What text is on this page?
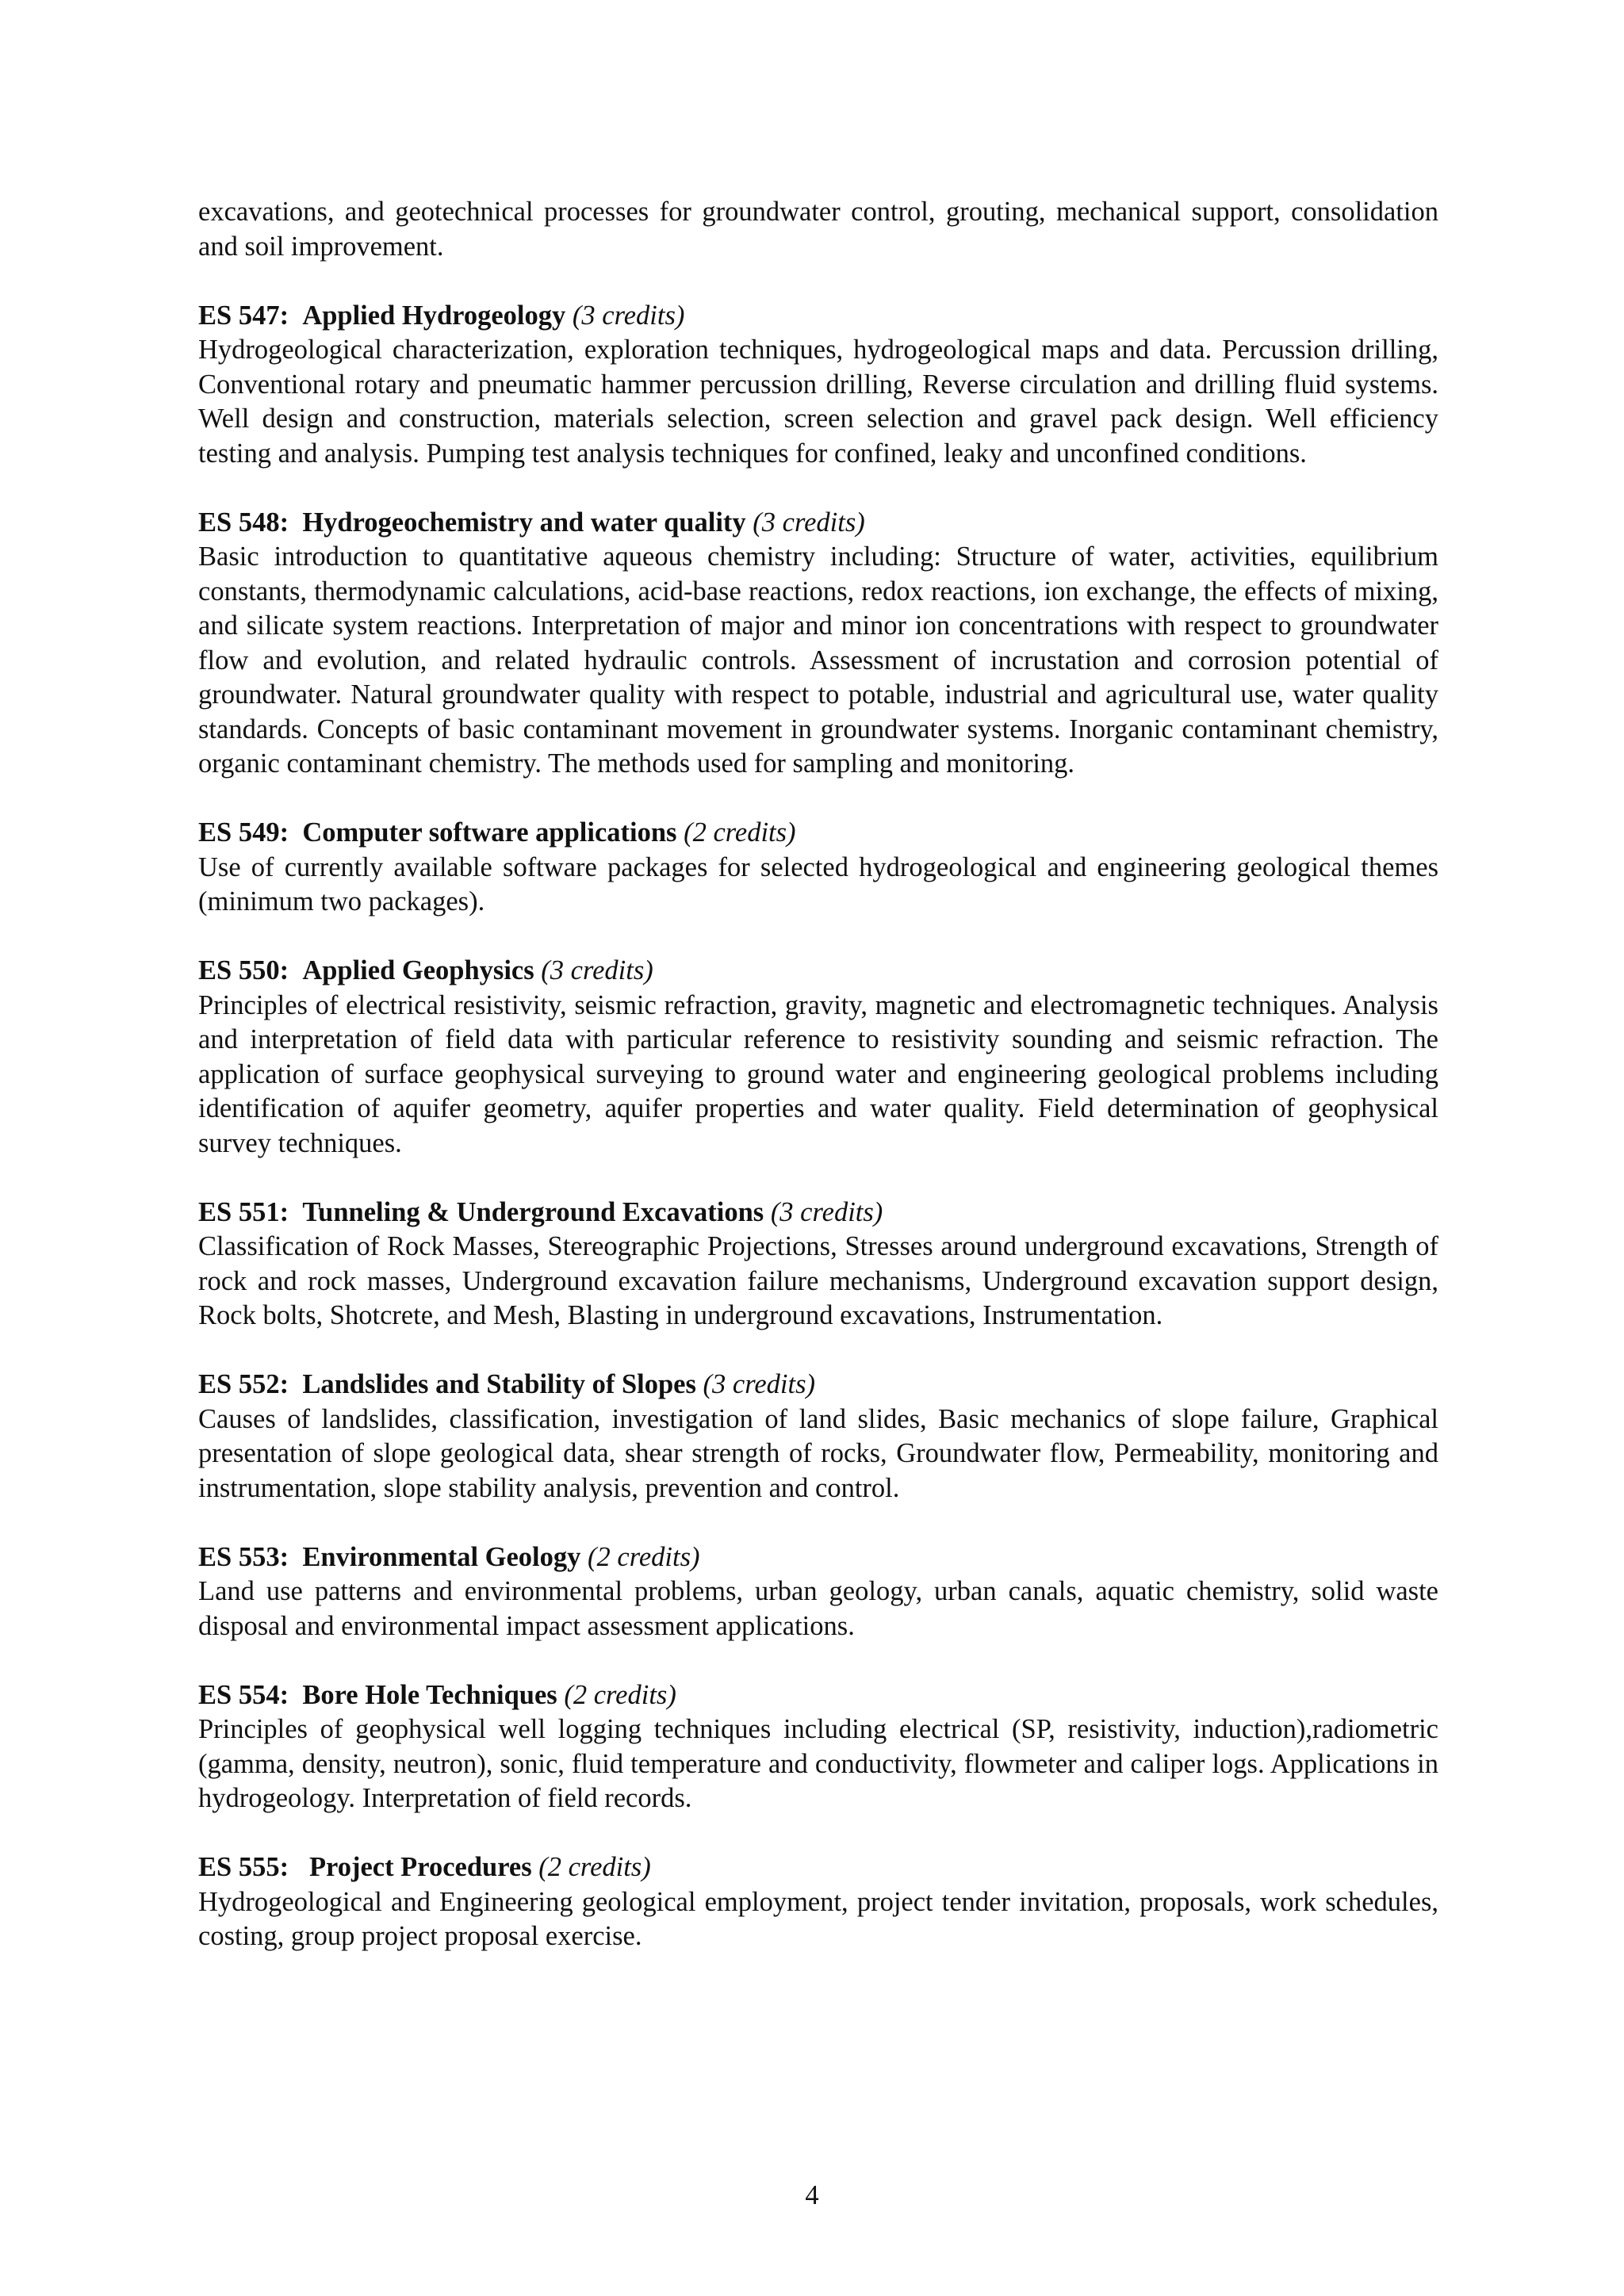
excavations, and geotechnical processes for groundwater control, grouting, mechanical support, consolidation and soil improvement.

ES 547: Applied Hydrogeology (3 credits)

Hydrogeological characterization, exploration techniques, hydrogeological maps and data. Percussion drilling, Conventional rotary and pneumatic hammer percussion drilling, Reverse circulation and drilling fluid systems. Well design and construction, materials selection, screen selection and gravel pack design. Well efficiency testing and analysis. Pumping test analysis techniques for confined, leaky and unconfined conditions.

ES 548: Hydrogeochemistry and water quality (3 credits)

Basic introduction to quantitative aqueous chemistry including: Structure of water, activities, equilibrium constants, thermodynamic calculations, acid-base reactions, redox reactions, ion exchange, the effects of mixing, and silicate system reactions. Interpretation of major and minor ion concentrations with respect to groundwater flow and evolution, and related hydraulic controls. Assessment of incrustation and corrosion potential of groundwater. Natural groundwater quality with respect to potable, industrial and agricultural use, water quality standards. Concepts of basic contaminant movement in groundwater systems. Inorganic contaminant chemistry, organic contaminant chemistry. The methods used for sampling and monitoring.

ES 549: Computer software applications (2 credits)

Use of currently available software packages for selected hydrogeological and engineering geological themes (minimum two packages).

ES 550: Applied Geophysics (3 credits)

Principles of electrical resistivity, seismic refraction, gravity, magnetic and electromagnetic techniques. Analysis and interpretation of field data with particular reference to resistivity sounding and seismic refraction. The application of surface geophysical surveying to ground water and engineering geological problems including identification of aquifer geometry, aquifer properties and water quality. Field determination of geophysical survey techniques.

ES 551: Tunneling & Underground Excavations (3 credits)

Classification of Rock Masses, Stereographic Projections, Stresses around underground excavations, Strength of rock and rock masses, Underground excavation failure mechanisms, Underground excavation support design, Rock bolts, Shotcrete, and Mesh, Blasting in underground excavations, Instrumentation.

ES 552: Landslides and Stability of Slopes (3 credits)

Causes of landslides, classification, investigation of land slides, Basic mechanics of slope failure, Graphical presentation of slope geological data, shear strength of rocks, Groundwater flow, Permeability, monitoring and instrumentation, slope stability analysis, prevention and control.

ES 553: Environmental Geology (2 credits)

Land use patterns and environmental problems, urban geology, urban canals, aquatic chemistry, solid waste disposal and environmental impact assessment applications.

ES 554: Bore Hole Techniques (2 credits)

Principles of geophysical well logging techniques including electrical (SP, resistivity, induction),radiometric (gamma, density, neutron), sonic, fluid temperature and conductivity, flowmeter and caliper logs. Applications in hydrogeology. Interpretation of field records.

ES 555: Project Procedures (2 credits)

Hydrogeological and Engineering geological employment, project tender invitation, proposals, work schedules, costing, group project proposal exercise.

4
